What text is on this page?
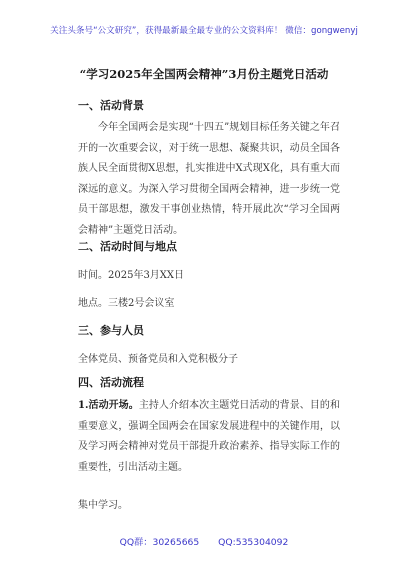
关注头条号“公文研究”，获得最新最全最专业的公文资料库！ 微信：gongwenyj
“学习2025年全国两会精神”3月份主题党日活动
一、活动背景
今年全国两会是实现“十四五”规划目标任务关键之年召开的一次重要会议，对于统一思想、凝聚共识，动员全国各族人民全面贯彻X思想，扎实推进中X式现X化，具有重大而深远的意义。为深入学习贯彻全国两会精神，进一步统一党员干部思想，激发干事创业热情，特开展此次“学习全国两会精神”主题党日活动。
二、活动时间与地点
时间。2025年3月XX日
地点。三楼2号会议室
三、参与人员
全体党员、预备党员和入党积极分子
四、活动流程
1.活动开场。主持人介绍本次主题党日活动的背景、目的和重要意义，强调全国两会在国家发展进程中的关键作用，以及学习两会精神对党员干部提升政治素养、指导实际工作的重要性，引出活动主题。
集中学习。
QQ群：30265665 QQ:535304092
